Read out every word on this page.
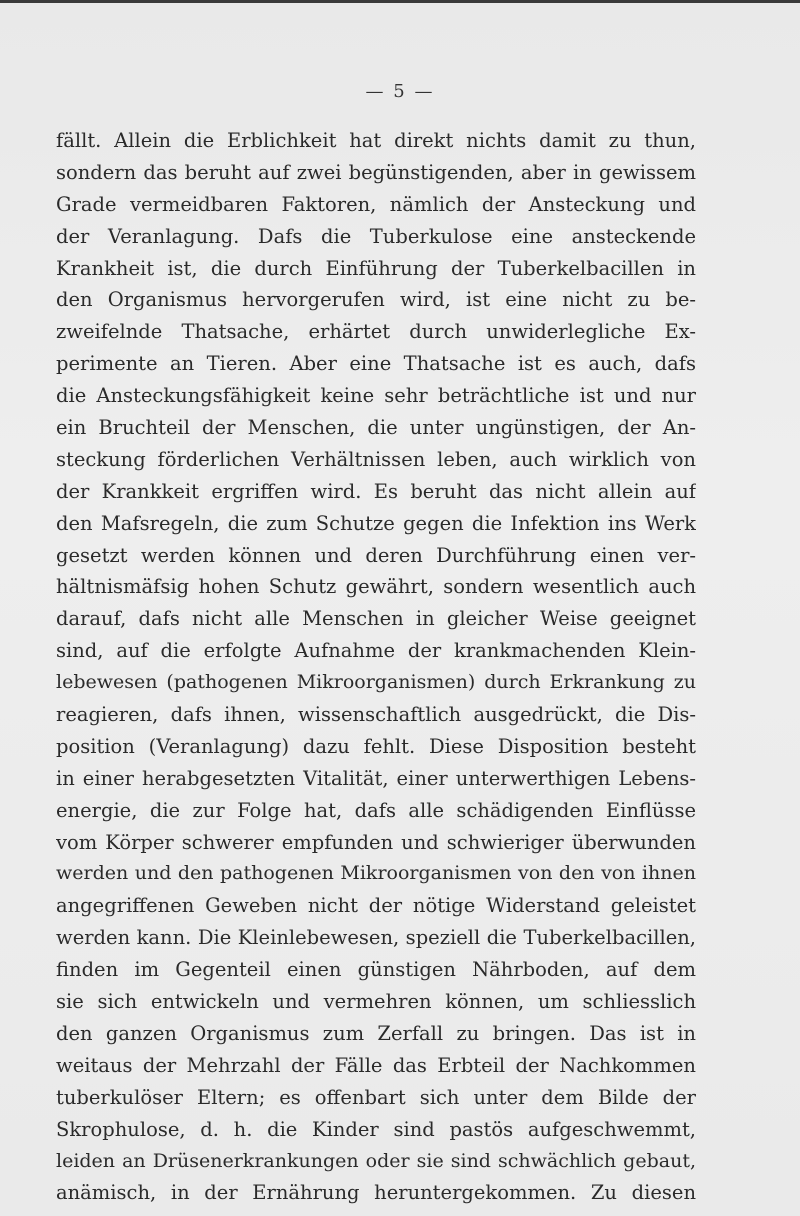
— 5 —
fällt. Allein die Erblichkeit hat direkt nichts damit zu thun,
sondern das beruht auf zwei begünstigenden, aber in gewissem
Grade vermeidbaren Faktoren, nämlich der Ansteckung und
der Veranlagung. Dafs die Tuberkulose eine ansteckende
Krankheit ist, die durch Einführung der Tuberkelbacillen in
den Organismus hervorgerufen wird, ist eine nicht zu be-
zweifelnde Thatsache, erhärtet durch unwiderlegliche Ex-
perimente an Tieren. Aber eine Thatsache ist es auch, dafs
die Ansteckungsfähigkeit keine sehr beträchtliche ist und nur
ein Bruchteil der Menschen, die unter ungünstigen, der An-
steckung förderlichen Verhältnissen leben, auch wirklich von
der Krankkeit ergriffen wird. Es beruht das nicht allein auf
den Mafsregeln, die zum Schutze gegen die Infektion ins Werk
gesetzt werden können und deren Durchführung einen ver-
hältnismäfsig hohen Schutz gewährt, sondern wesentlich auch
darauf, dafs nicht alle Menschen in gleicher Weise geeignet
sind, auf die erfolgte Aufnahme der krankmachenden Klein-
lebewesen (pathogenen Mikroorganismen) durch Erkrankung zu
reagieren, dafs ihnen, wissenschaftlich ausgedrückt, die Dis-
position (Veranlagung) dazu fehlt. Diese Disposition besteht
in einer herabgesetzten Vitalität, einer unterwerthigen Lebens-
energie, die zur Folge hat, dafs alle schädigenden Einflüsse
vom Körper schwerer empfunden und schwieriger überwunden
werden und den pathogenen Mikroorganismen von den von ihnen
angegriffenen Geweben nicht der nötige Widerstand geleistet
werden kann. Die Kleinlebewesen, speziell die Tuberkelbacillen,
finden im Gegenteil einen günstigen Nährboden, auf dem
sie sich entwickeln und vermehren können, um schliesslich
den ganzen Organismus zum Zerfall zu bringen. Das ist in
weitaus der Mehrzahl der Fälle das Erbteil der Nachkommen
tuberkulöser Eltern; es offenbart sich unter dem Bilde der
Skrophulose, d. h. die Kinder sind pastös aufgeschwemmt,
leiden an Drüsenerkrankungen oder sie sind schwächlich gebaut,
anämisch, in der Ernährung heruntergekommen. Zu diesen
